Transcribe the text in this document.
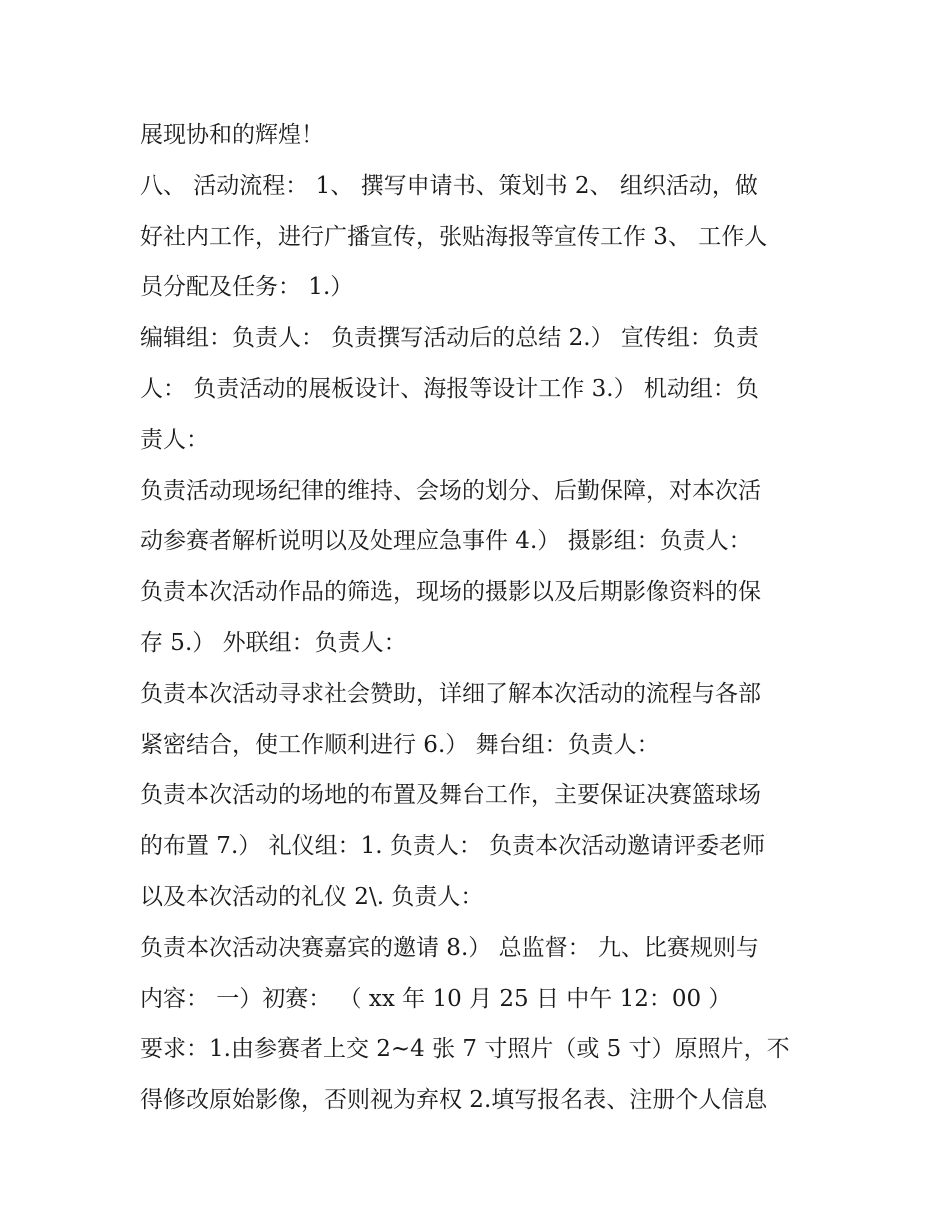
展现协和的辉煌！
八、 活动流程： 1、 撰写申请书、策划书 2、 组织活动，做
好社内工作，进行广播宣传，张贴海报等宣传工作 3、 工作人
员分配及任务： 1.）
编辑组：负责人： 负责撰写活动后的总结 2.） 宣传组：负责
人： 负责活动的展板设计、海报等设计工作 3.） 机动组：负
责人：
负责活动现场纪律的维持、会场的划分、后勤保障，对本次活
动参赛者解析说明以及处理应急事件 4.） 摄影组：负责人：
负责本次活动作品的筛选，现场的摄影以及后期影像资料的保
存 5.） 外联组：负责人：
负责本次活动寻求社会赞助，详细了解本次活动的流程与各部
紧密结合，使工作顺利进行 6.） 舞台组：负责人：
负责本次活动的场地的布置及舞台工作，主要保证决赛篮球场
的布置 7.） 礼仪组：1. 负责人： 负责本次活动邀请评委老师
以及本次活动的礼仪 2\. 负责人：
负责本次活动决赛嘉宾的邀请 8.） 总监督： 九、比赛规则与
内容： 一）初赛： （ xx 年 10 月 25 日 中午 12：00 ）
要求：1.由参赛者上交 2~4 张 7 寸照片（或 5 寸）原照片，不
得修改原始影像，否则视为弃权 2.填写报名表、注册个人信息
